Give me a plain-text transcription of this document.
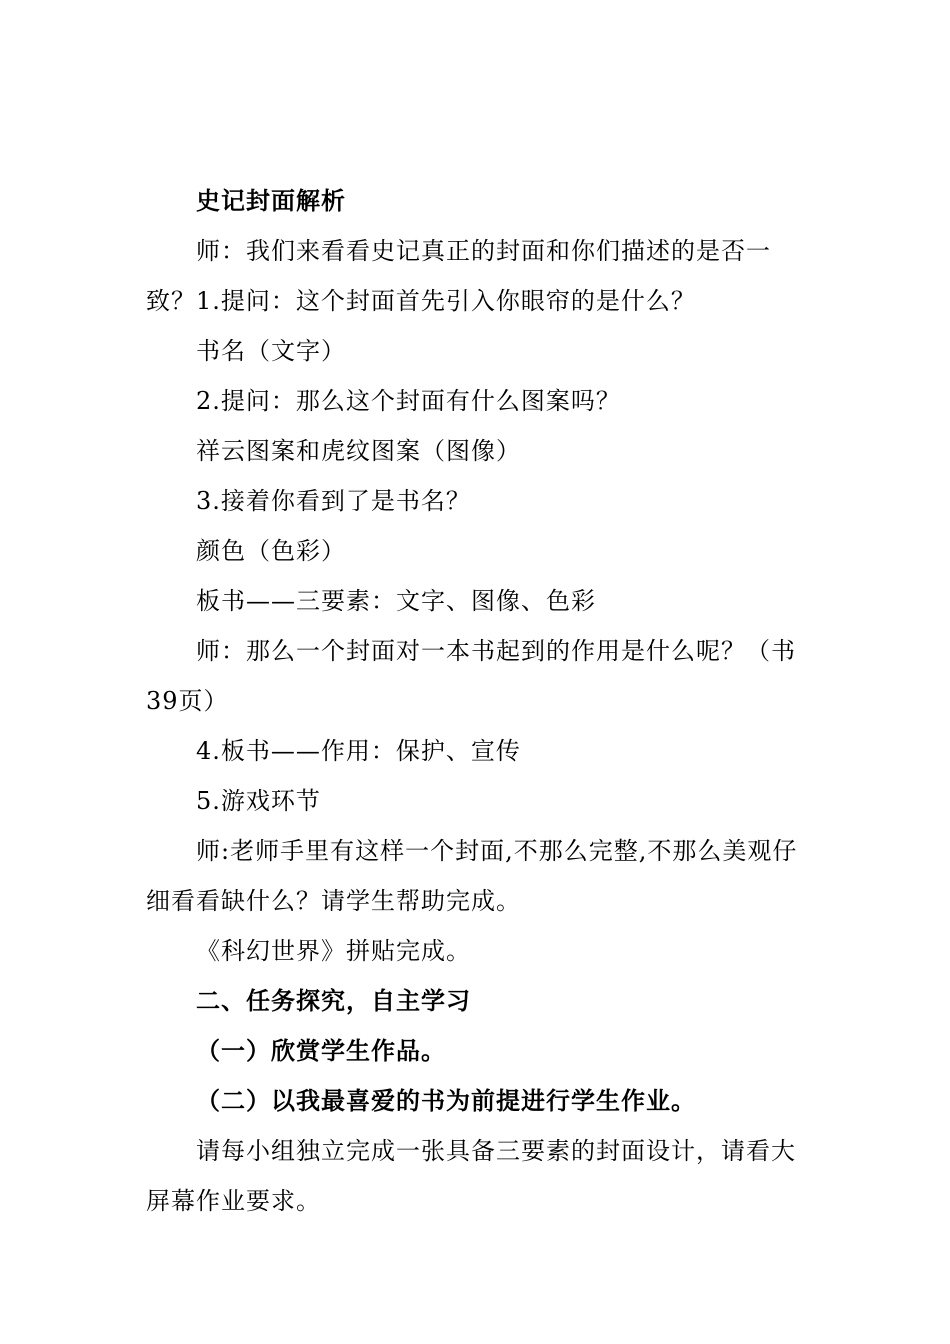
史记封面解析

师：我们来看看史记真正的封面和你们描述的是否一致？ 1.提问：这个封面首先引入你眼帘的是什么？

书名（文字）

2.提问：那么这个封面有什么图案吗？

祥云图案和虎纹图案（图像）

3.接着你看到了是书名？

颜色（色彩）

板书——三要素：文字、图像、色彩

师：那么一个封面对一本书起到的作用是什么呢？（书39页）

4.板书——作用：保护、宣传

5.游戏环节

师:老师手里有这样一个封面,不那么完整,不那么美观仔细看看缺什么？请学生帮助完成。

《科幻世界》拼贴完成。

二、任务探究，自主学习

（一）欣赏学生作品。

（二）以我最喜爱的书为前提进行学生作业。

请每小组独立完成一张具备三要素的封面设计，请看大屏幕作业要求。
